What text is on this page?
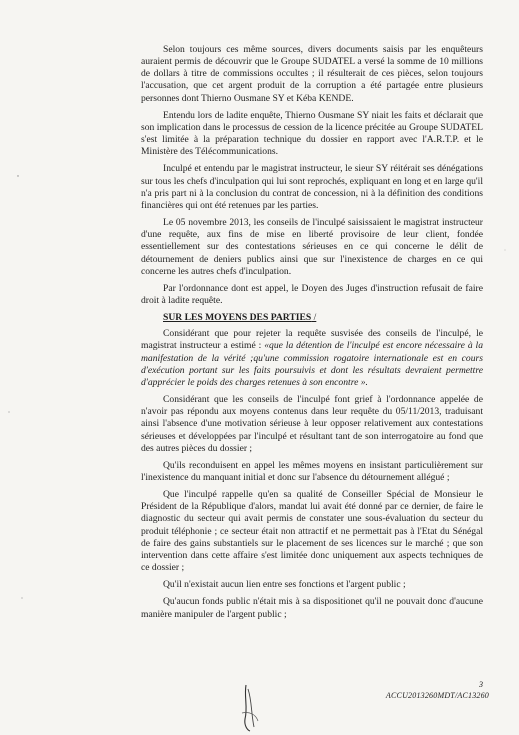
Selon toujours ces même sources, divers documents saisis par les enquêteurs auraient permis de découvrir que le Groupe SUDATEL a versé la somme de 10 millions de dollars à titre de commissions occultes ; il résulterait de ces pièces, selon toujours l'accusation, que cet argent produit de la corruption a été partagée entre plusieurs personnes dont Thierno Ousmane SY et Kéba KENDE.

Entendu lors de ladite enquête, Thierno Ousmane SY niait les faits et déclarait que son implication dans le processus de cession de la licence précitée au Groupe SUDATEL s'est limitée à la préparation technique du dossier en rapport avec l'A.R.T.P. et le Ministère des Télécommunications.

Inculpé et entendu par le magistrat instructeur, le sieur SY réitérait ses dénégations sur tous les chefs d'inculpation qui lui sont reprochés, expliquant en long et en large qu'il n'a pris part ni à la conclusion du contrat de concession, ni à la définition des conditions financières qui ont été retenues par les parties.

Le 05 novembre 2013, les conseils de l'inculpé saisissaient le magistrat instructeur d'une requête, aux fins de mise en liberté provisoire de leur client, fondée essentiellement sur des contestations sérieuses en ce qui concerne le délit de détournement de deniers publics ainsi que sur l'inexistence de charges en ce qui concerne les autres chefs d'inculpation.

Par l'ordonnance dont est appel, le Doyen des Juges d'instruction refusait de faire droit à ladite requête.

SUR LES MOYENS DES PARTIES /

Considérant que pour rejeter la requête susvisée des conseils de l'inculpé, le magistrat instructeur a estimé : «que la détention de l'inculpé est encore nécessaire à la manifestation de la vérité ;qu'une commission rogatoire internationale est en cours d'exécution portant sur les faits poursuivis et dont les résultats devraient permettre d'apprécier le poids des charges retenues à son encontre ».

Considérant que les conseils de l'inculpé font grief à l'ordonnance appelée de n'avoir pas répondu aux moyens contenus dans leur requête du 05/11/2013, traduisant ainsi l'absence d'une motivation sérieuse à leur opposer relativement aux contestations sérieuses et développées par l'inculpé et résultant tant de son interrogatoire au fond que des autres pièces du dossier ;

Qu'ils reconduisent en appel les mêmes moyens en insistant particulièrement sur l'inexistence du manquant initial et donc sur l'absence du détournement allégué ;

Que l'inculpé rappelle qu'en sa qualité de Conseiller Spécial de Monsieur le Président de la République d'alors, mandat lui avait été donné par ce dernier, de faire le diagnostic du secteur qui avait permis de constater une sous-évaluation du secteur du produit téléphonie ; ce secteur était non attractif et ne permettait pas à l'Etat du Sénégal de faire des gains substantiels sur le placement de ses licences sur le marché ; que son intervention dans cette affaire s'est limitée donc uniquement aux aspects techniques de ce dossier ;

Qu'il n'existait aucun lien entre ses fonctions et l'argent public ;

Qu'aucun fonds public n'était mis à sa dispositionet qu'il ne pouvait donc d'aucune manière manipuler de l'argent public ;

3
ACCU2013260MDT/AC13260
